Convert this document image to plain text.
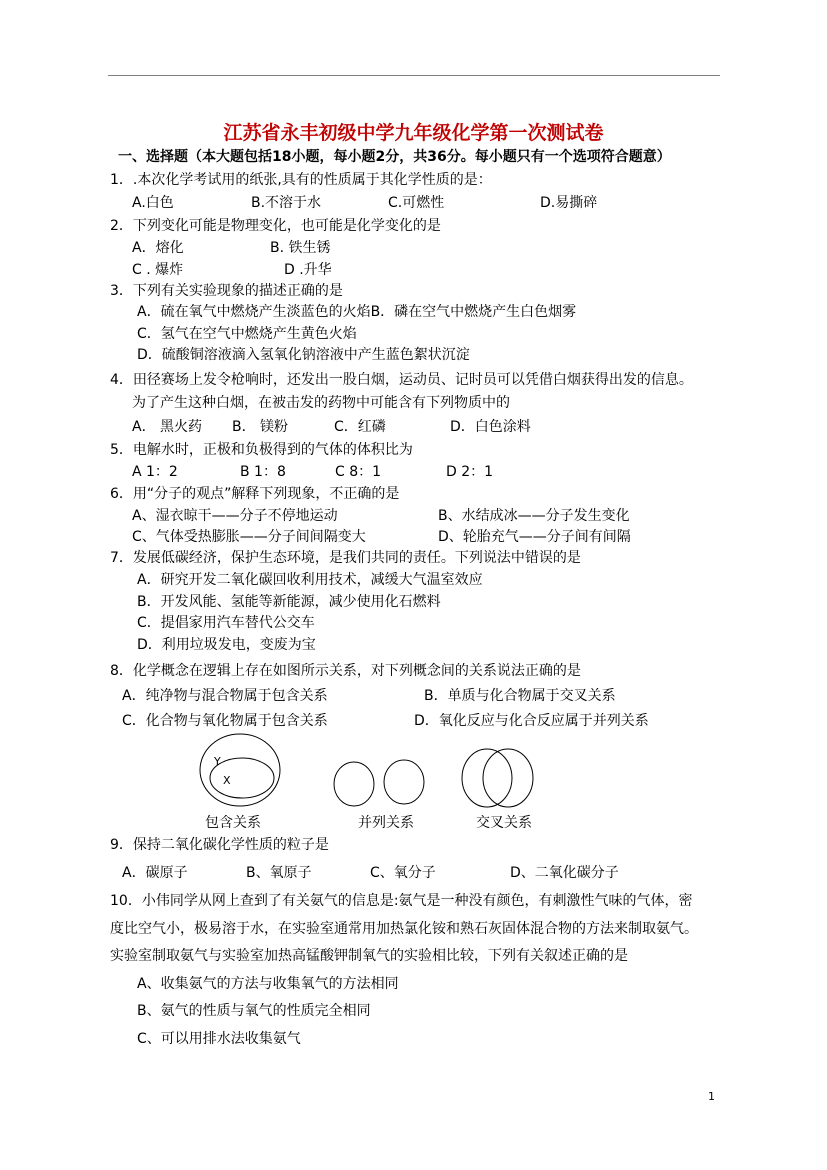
江苏省永丰初级中学九年级化学第一次测试卷
一、选择题（本大题包括18小题，每小题2分，共36分。每小题只有一个选项符合题意）
1．.本次化学考试用的纸张,具有的性质属于其化学性质的是：
A.白色	B.不溶于水	C.可燃性	D.易撕碎
2．下列变化可能是物理变化，也可能是化学变化的是
A．熔化	B. 铁生锈
C . 爆炸	D .升华
3．下列有关实验现象的描述正确的是
A．硫在氧气中燃烧产生淡蓝色的火焰B．磷在空气中燃烧产生白色烟雾
C．氢气在空气中燃烧产生黄色火焰
D．硫酸铜溶液滴入氢氧化钠溶液中产生蓝色絮状沉淀
4．田径赛场上发令枪响时，还发出一股白烟，运动员、记时员可以凭借白烟获得出发的信息。
为了产生这种白烟，在被击发的药物中可能含有下列物质中的
A． 黑火药 B． 镁粉	C．红磷	D．白色涂料
5．电解水时，正极和负极得到的气体的体积比为
A 1：2	B 1：8	C 8：1	D 2：1
6．用“分子的观点”解释下列现象，不正确的是
A、湿衣晾干——分子不停地运动	B、水结成冰——分子发生变化
C、气体受热膨胀——分子间间隔变大	D、轮胎充气——分子间有间隔
7．发展低碳经济，保护生态环境，是我们共同的责任。下列说法中错误的是
A．研究开发二氧化碳回收利用技术，减缓大气温室效应
B．开发风能、氢能等新能源，减少使用化石燃料
C．提倡家用汽车替代公交车
D．利用垃圾发电，变废为宝
8．化学概念在逻辑上存在如图所示关系，对下列概念间的关系说法正确的是
A．纯净物与混合物属于包含关系	B．单质与化合物属于交叉关系
C．化合物与氧化物属于包含关系	D．氧化反应与化合反应属于并列关系
Y
X
包含关系	并列关系	交叉关系
9．保持二氧化碳化学性质的粒子是
A．碳原子	B、氧原子	C、氧分子	D、二氧化碳分子
10．小伟同学从网上查到了有关氨气的信息是:氨气是一种没有颜色，有刺激性气味的气体，密
度比空气小，极易溶于水，在实验室通常用加热氯化铵和熟石灰固体混合物的方法来制取氨气。
实验室制取氨气与实验室加热高锰酸钾制氧气的实验相比较，下列有关叙述正确的是
A、收集氨气的方法与收集氧气的方法相同
B、氨气的性质与氧气的性质完全相同
C、可以用排水法收集氨气
1
